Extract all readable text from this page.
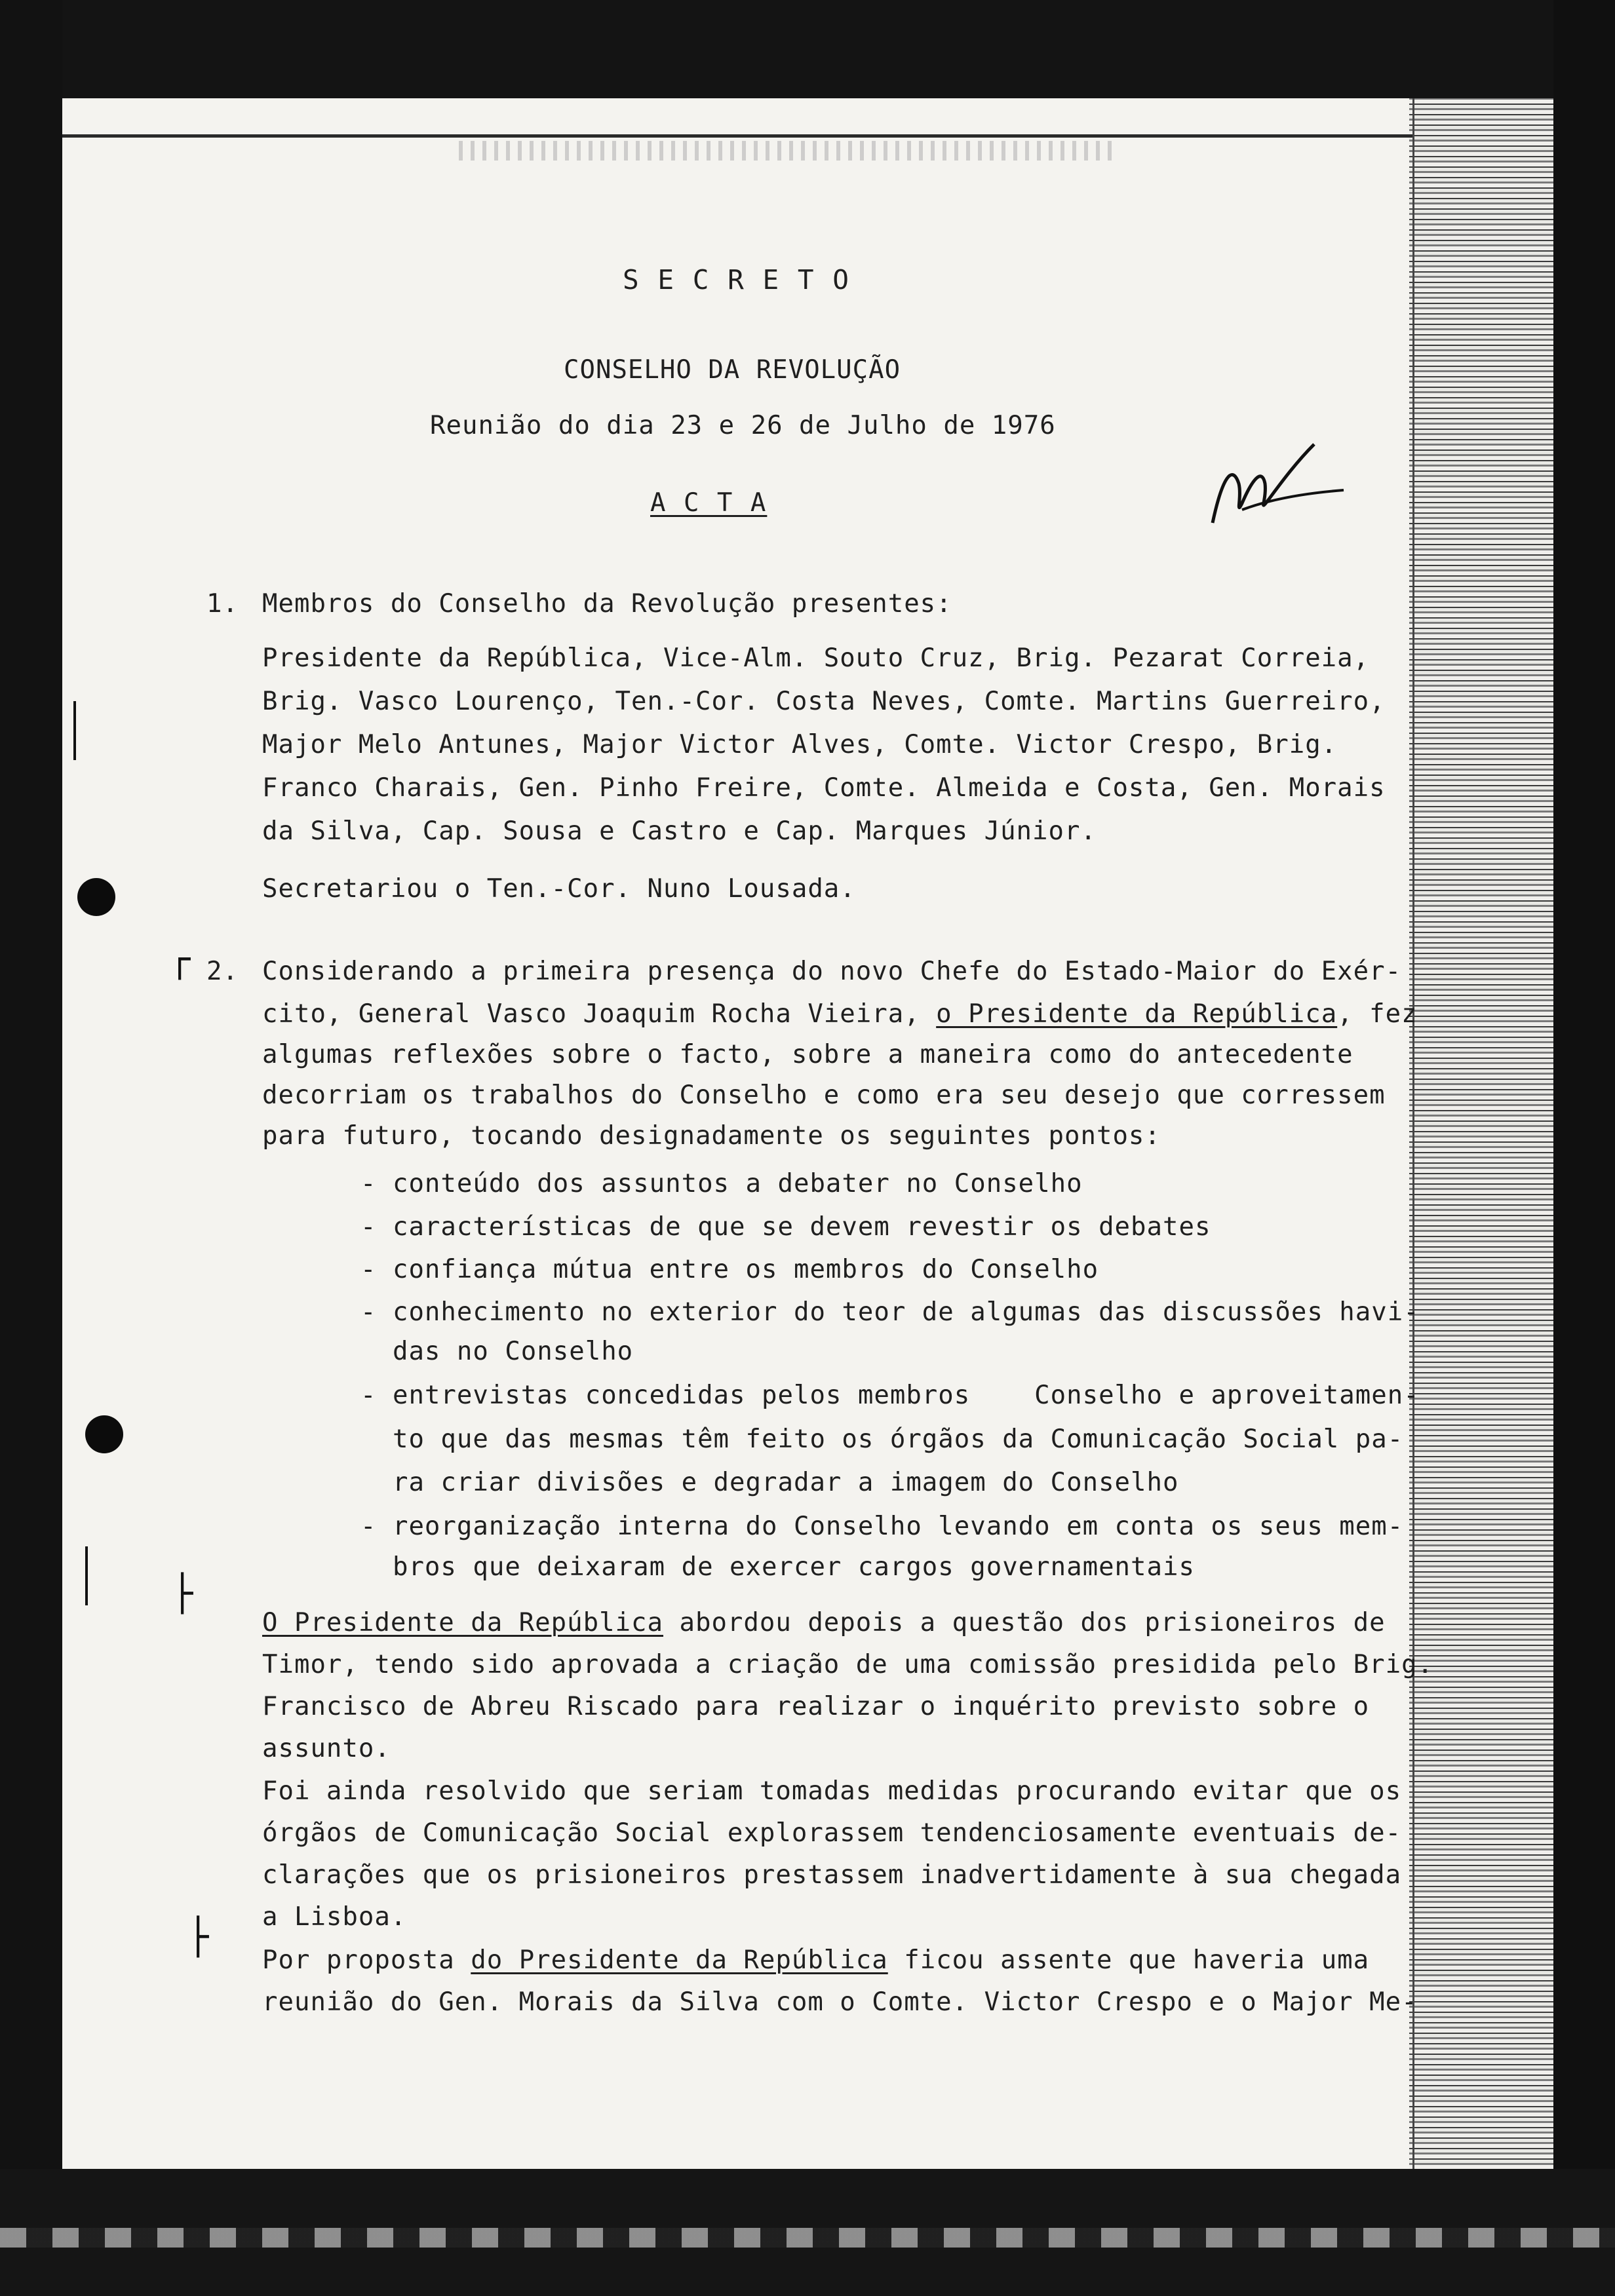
┌
├
├
S E C R E T O
CONSELHO DA REVOLUÇÃO
Reunião do dia 23 e 26 de Julho de 1976
A C T A
1. Membros do Conselho da Revolução presentes:
Presidente da República, Vice-Alm. Souto Cruz, Brig. Pezarat Correia,
Brig. Vasco Lourenço, Ten.-Cor. Costa Neves, Comte. Martins Guerreiro,
Major Melo Antunes, Major Victor Alves, Comte. Victor Crespo, Brig.
Franco Charais, Gen. Pinho Freire, Comte. Almeida e Costa, Gen. Morais
da Silva, Cap. Sousa e Castro e Cap. Marques Júnior.
Secretariou o Ten.-Cor. Nuno Lousada.
2. Considerando a primeira presença do novo Chefe do Estado-Maior do Exér-
cito, General Vasco Joaquim Rocha Vieira, o Presidente da República, fez
algumas reflexões sobre o facto, sobre a maneira como do antecedente
decorriam os trabalhos do Conselho e como era seu desejo que corressem
para futuro, tocando designadamente os seguintes pontos:
- conteúdo dos assuntos a debater no Conselho
- características de que se devem revestir os debates
- confiança mútua entre os membros do Conselho
- conhecimento no exterior do teor de algumas das discussões havi-
das no Conselho
- entrevistas concedidas pelos membros    Conselho e aproveitamen-
to que das mesmas têm feito os órgãos da Comunicação Social pa-
ra criar divisões e degradar a imagem do Conselho
- reorganização interna do Conselho levando em conta os seus mem-
bros que deixaram de exercer cargos governamentais
O Presidente da República abordou depois a questão dos prisioneiros de
Timor, tendo sido aprovada a criação de uma comissão presidida pelo Brig.
Francisco de Abreu Riscado para realizar o inquérito previsto sobre o
assunto.
Foi ainda resolvido que seriam tomadas medidas procurando evitar que os
órgãos de Comunicação Social explorassem tendenciosamente eventuais de-
clarações que os prisioneiros prestassem inadvertidamente à sua chegada
a Lisboa.
Por proposta do Presidente da República ficou assente que haveria uma
reunião do Gen. Morais da Silva com o Comte. Victor Crespo e o Major Me-
